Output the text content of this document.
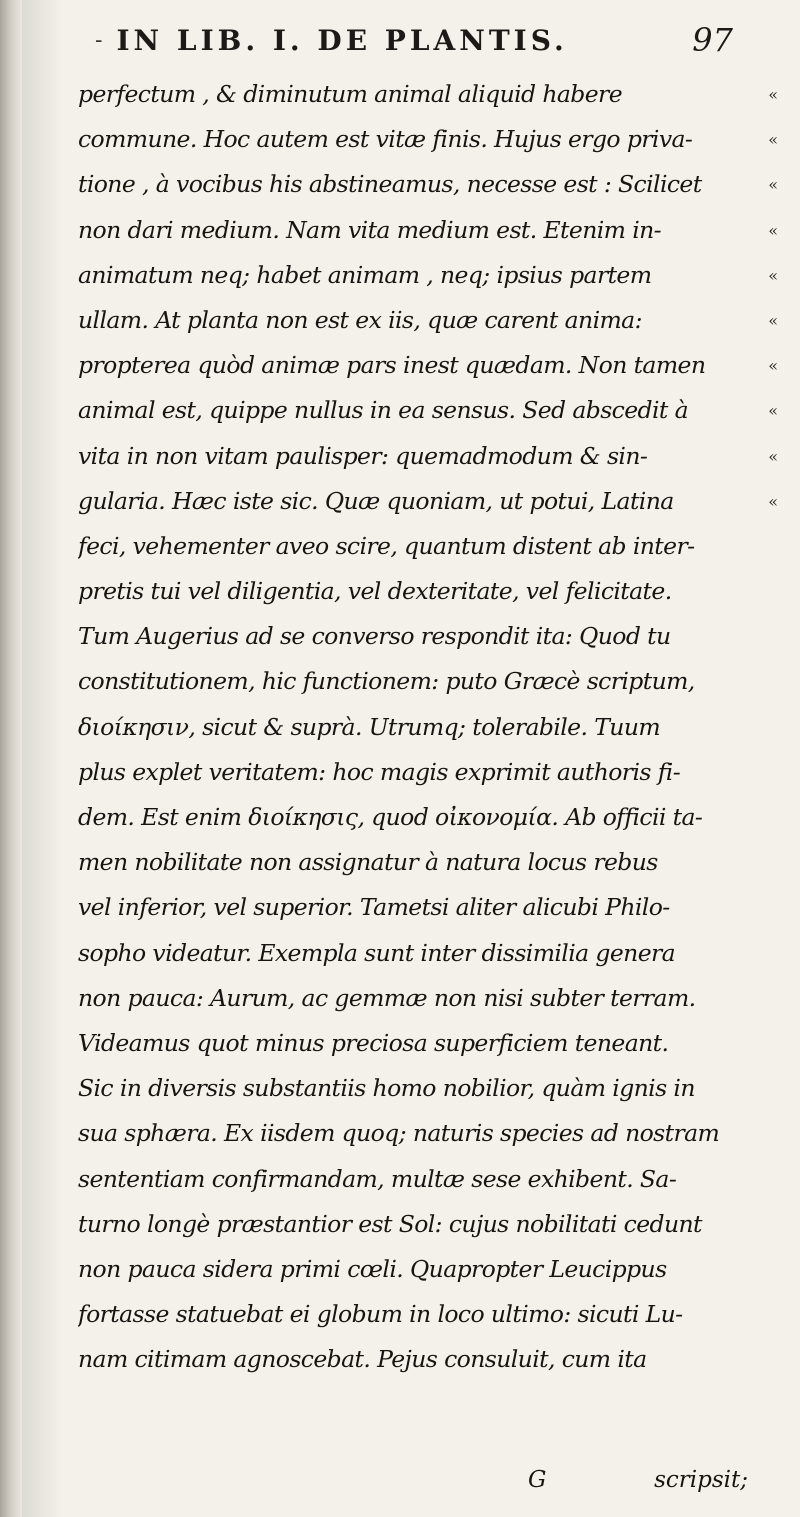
- IN LIB. I. DE PLANTIS.	97
perfectum , & diminutum animal aliquid habere	«
commune. Hoc autem est vitæ finis. Hujus ergo priva-	«
tione , à vocibus his abstineamus, necesse est : Scilicet	«
non dari medium. Nam vita medium est. Etenim in-	«
animatum neq; habet animam , neq; ipsius partem	«
ullam. At planta non est ex iis, quæ carent anima:	«
propterea quòd animæ pars inest quædam. Non tamen	«
animal est, quippe nullus in ea sensus. Sed abscedit à	«
vita in non vitam paulisper: quemadmodum & sin-	«
gularia. Hæc iste sic. Quæ quoniam, ut potui, Latina	«
feci, vehementer aveo scire, quantum distent ab inter-
pretis tui vel diligentia, vel dexteritate, vel felicitate.
Tum Augerius ad se converso respondit ita: Quod tu
constitutionem, hic functionem: puto Græcè scriptum,
διοίκησιν, sicut & suprà. Utrumq; tolerabile. Tuum
plus explet veritatem: hoc magis exprimit authoris fi-
dem. Est enim διοίκησις, quod οἰκονομία. Ab officii ta-
men nobilitate non assignatur à natura locus rebus
vel inferior, vel superior. Tametsi aliter alicubi Philo-
sopho videatur. Exempla sunt inter dissimilia genera
non pauca: Aurum, ac gemmæ non nisi subter terram.
Videamus quot minus preciosa superficiem teneant.
Sic in diversis substantiis homo nobilior, quàm ignis in
sua sphæra. Ex iisdem quoq; naturis species ad nostram
sententiam confirmandam, multæ sese exhibent. Sa-
turno longè præstantior est Sol: cujus nobilitati cedunt
non pauca sidera primi cœli. Quapropter Leucippus
fortasse statuebat ei globum in loco ultimo: sicuti Lu-
nam citimam agnoscebat. Pejus consuluit, cum ita
G	scripsit;
